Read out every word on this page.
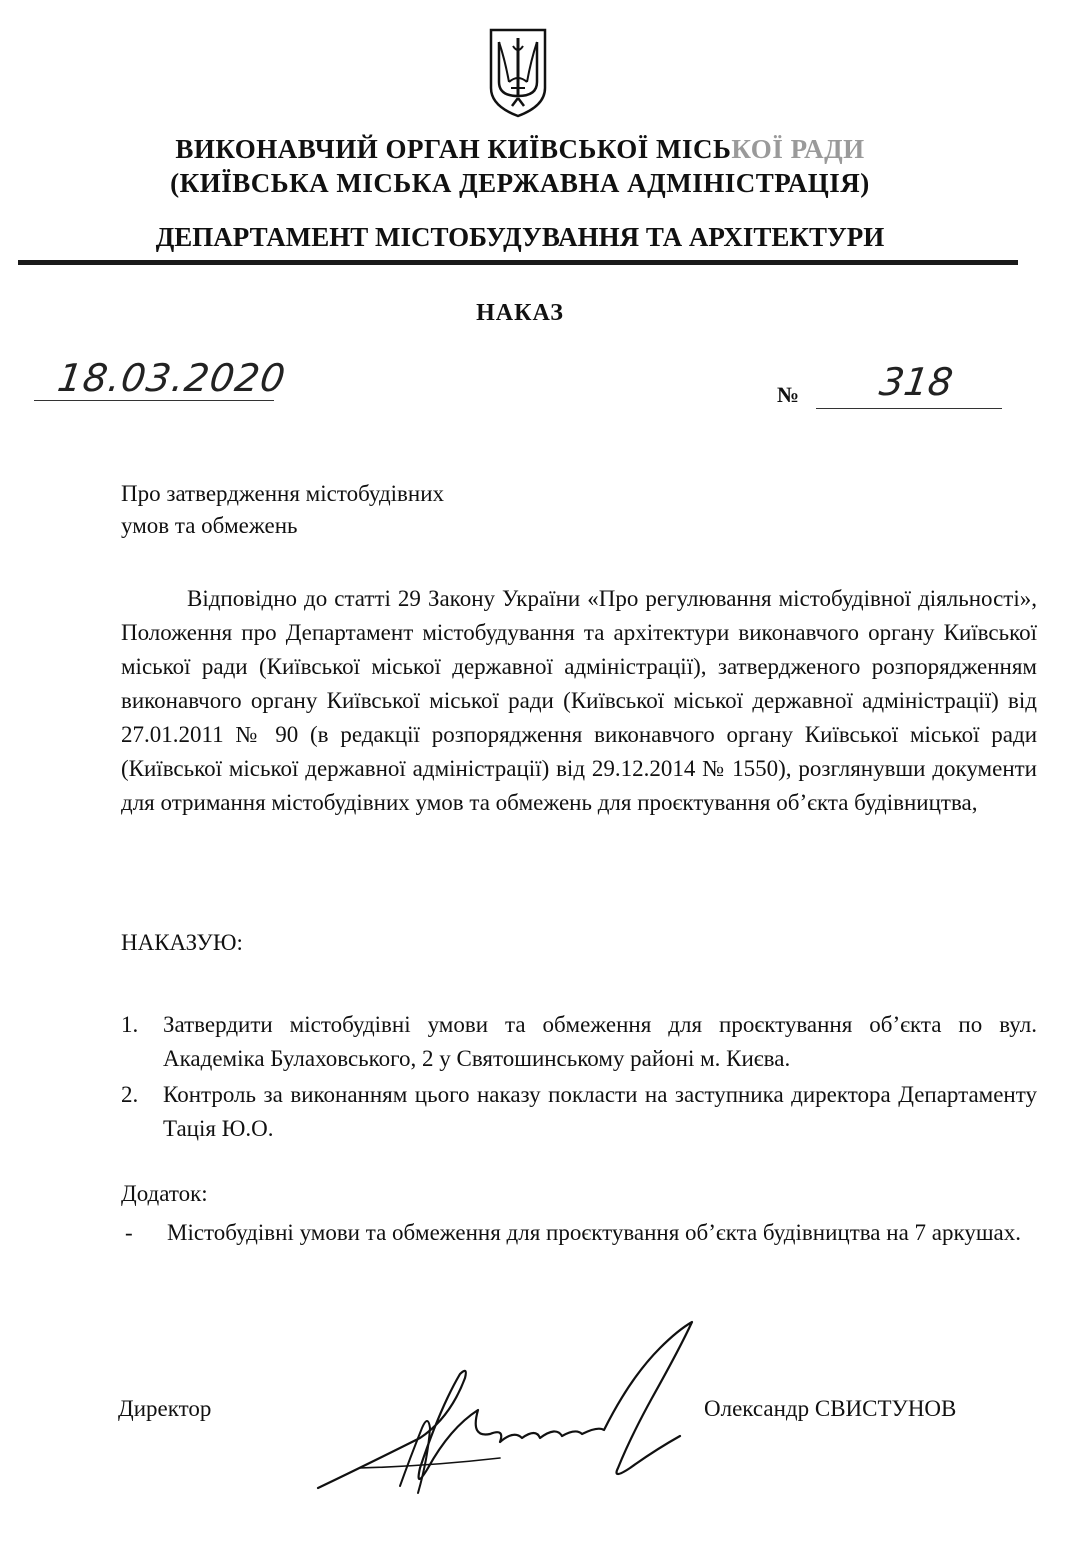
ВИКОНАВЧИЙ ОРГАН КИЇВСЬКОЇ МІСЬКОЇ РАДИ
(КИЇВСЬКА МІСЬКА ДЕРЖАВНА АДМІНІСТРАЦІЯ)
ДЕПАРТАМЕНТ МІСТОБУДУВАННЯ ТА АРХІТЕКТУРИ
НАКАЗ
18.03.2020	№ 318
Про затвердження містобудівних
умов та обмежень
Відповідно до статті 29 Закону України «Про регулювання містобудівної діяльності», Положення про Департамент містобудування та архітектури виконавчого органу Київської міської ради (Київської міської державної адміністрації), затвердженого розпорядженням виконавчого органу Київської міської ради (Київської міської державної адміністрації) від 27.01.2011 № 90 (в редакції розпорядження виконавчого органу Київської міської ради (Київської міської державної адміністрації) від 29.12.2014 № 1550), розглянувши документи для отримання містобудівних умов та обмежень для проєктування об’єкта будівництва,
НАКАЗУЮ:
1.	Затвердити містобудівні умови та обмеження для проєктування об’єкта по вул. Академіка Булаховського, 2 у Святошинському районі м. Києва.
2.	Контроль за виконанням цього наказу покласти на заступника директора Департаменту Тація Ю.О.
Додаток:
-	Містобудівні умови та обмеження для проєктування об’єкта будівництва на 7 аркушах.
Директор	Олександр СВИСТУНОВ
